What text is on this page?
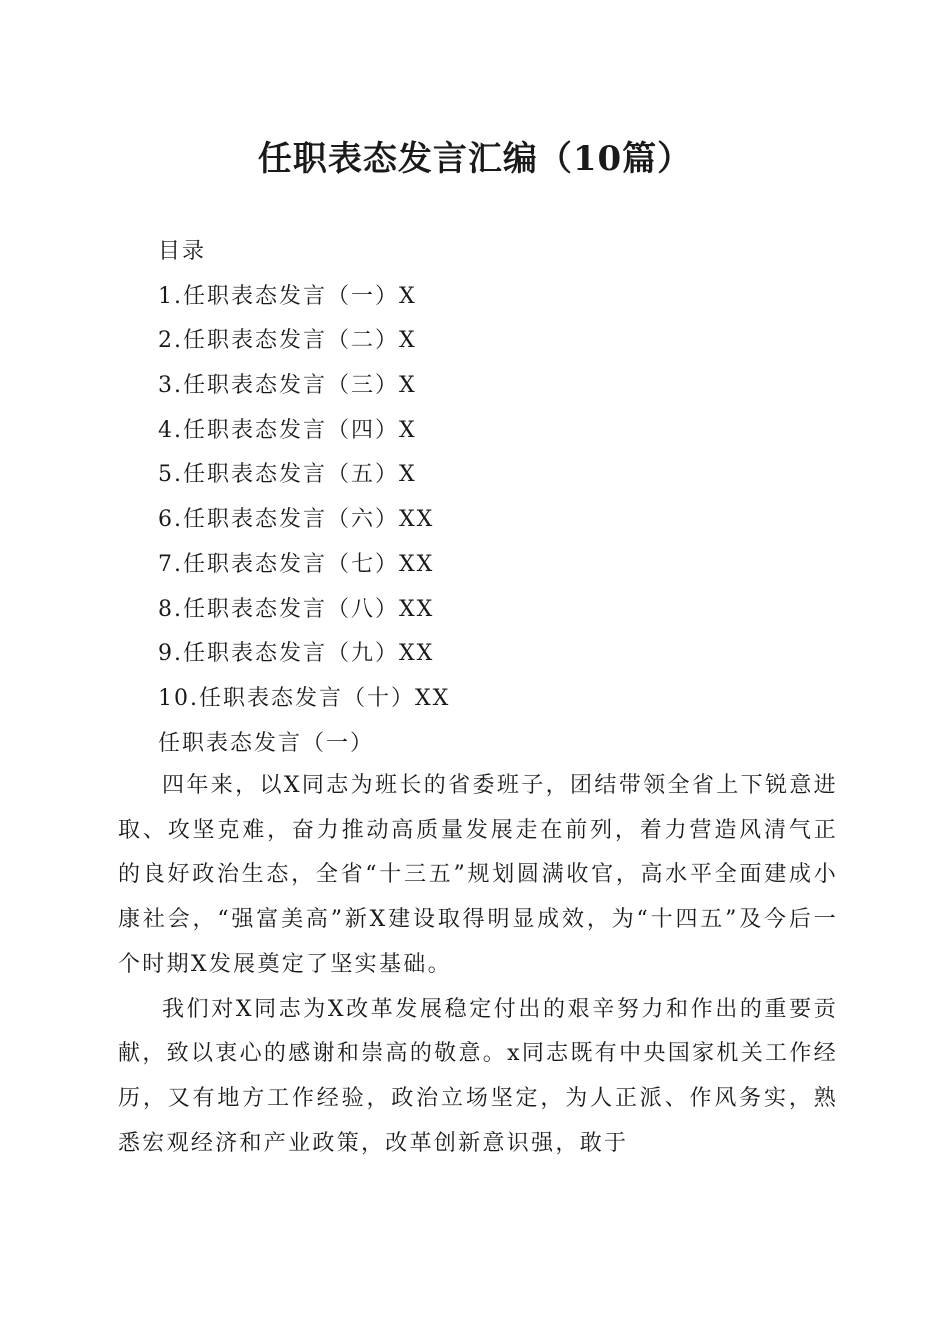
任职表态发言汇编（10篇）
目录
1.任职表态发言（一）X
2.任职表态发言（二）X
3.任职表态发言（三）X
4.任职表态发言（四）X
5.任职表态发言（五）X
6.任职表态发言（六）XX
7.任职表态发言（七）XX
8.任职表态发言（八）XX
9.任职表态发言（九）XX
10.任职表态发言（十）XX
任职表态发言（一）

四年来，以X同志为班长的省委班子，团结带领全省上下锐意进取、攻坚克难，奋力推动高质量发展走在前列，着力营造风清气正的良好政治生态，全省“十三五”规划圆满收官，高水平全面建成小康社会，“强富美高”新X建设取得明显成效，为“十四五”及今后一个时期X发展奠定了坚实基础。

我们对X同志为X改革发展稳定付出的艰辛努力和作出的重要贡献，致以衷心的感谢和崇高的敬意。x同志既有中央国家机关工作经历，又有地方工作经验，政治立场坚定，为人正派、作风务实，熟悉宏观经济和产业政策，改革创新意识强，敢于
